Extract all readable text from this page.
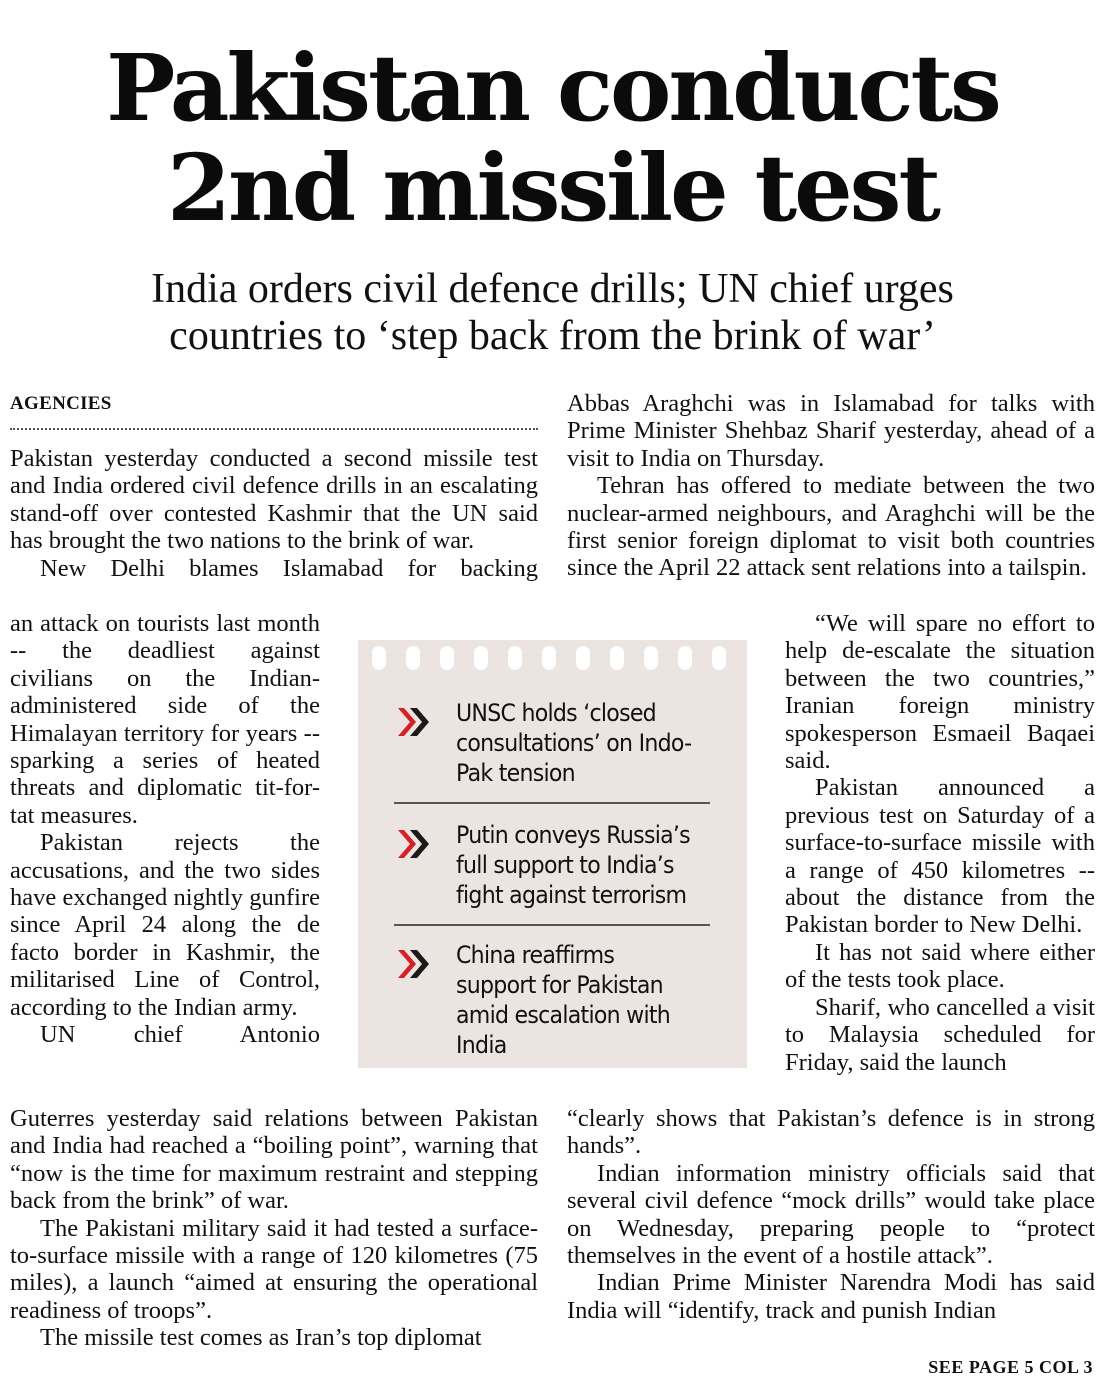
Pakistan conducts
2nd missile test
India orders civil defence drills; UN chief urges
countries to ‘step back from the brink of war’
AGENCIES

Pakistan yesterday conducted a second missile test and India ordered civil defence drills in an escalating stand-off over contested Kashmir that the UN said has brought the two nations to the brink of war.

New Delhi blames Islamabad for backing

an attack on tourists last month -- the deadliest against civilians on the Indian-administered side of the Himalayan territory for years -- sparking a series of heated threats and diplomatic tit-for-tat measures.

Pakistan rejects the accusations, and the two sides have exchanged nightly gunfire since April 24 along the de facto border in Kashmir, the militarised Line of Control, according to the Indian army.

UN chief Antonio

Guterres yesterday said relations between Pakistan and India had reached a “boiling point”, warning that “now is the time for maximum restraint and stepping back from the brink” of war.

The Pakistani military said it had tested a surface-to-surface missile with a range of 120 kilometres (75 miles), a launch “aimed at ensuring the operational readiness of troops”.

The missile test comes as Iran’s top diplomat

Abbas Araghchi was in Islamabad for talks with Prime Minister Shehbaz Sharif yesterday, ahead of a visit to India on Thursday.

Tehran has offered to mediate between the two nuclear-armed neighbours, and Araghchi will be the first senior foreign diplomat to visit both countries since the April 22 attack sent relations into a tailspin.

“We will spare no effort to help de-escalate the situation between the two countries,” Iranian foreign ministry spokesperson Esmaeil Baqaei said.

Pakistan announced a previous test on Saturday of a surface-to-surface missile with a range of 450 kilometres -- about the distance from the Pakistan border to New Delhi.

It has not said where either of the tests took place.

Sharif, who cancelled a visit to Malaysia scheduled for Friday, said the launch

“clearly shows that Pakistan’s defence is in strong hands”.

Indian information ministry officials said that several civil defence “mock drills” would take place on Wednesday, preparing people to “protect themselves in the event of a hostile attack”.

Indian Prime Minister Narendra Modi has said India will “identify, track and punish Indian

UNSC holds ‘closed consultations’ on Indo-Pak tension
Putin conveys Russia’s full support to India’s fight against terrorism
China reaffirms support for Pakistan amid escalation with India
SEE PAGE 5 COL 3
